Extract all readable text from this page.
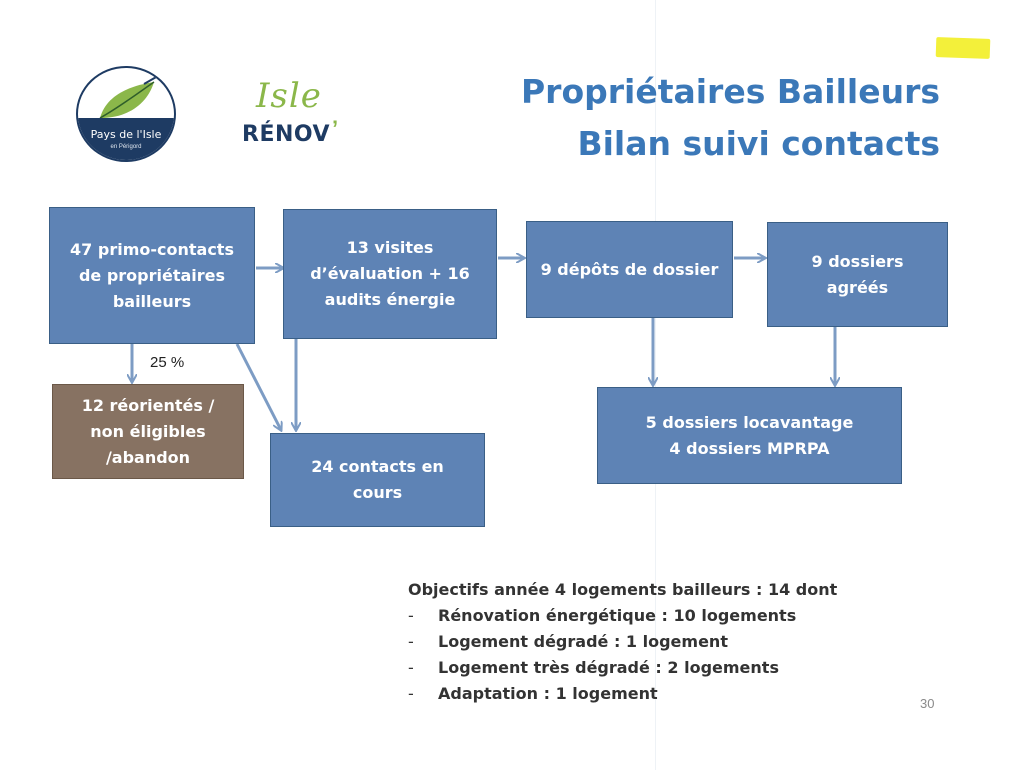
Pays de l'Isle
en Périgord
Isle
RÉNOV ’
Propriétaires Bailleurs
Bilan suivi contacts
47 primo-contacts
de propriétaires
bailleurs
13 visites
d’évaluation + 16
audits énergie
9 dépôts de dossier	9 dossiers
agréés
12 réorientés /
non éligibles
/abandon	24 contacts en
cours
5 dossiers locavantage
4 dossiers MPRPA
25 %
Objectifs année 4 logements bailleurs : 14 dont
- Rénovation énergétique : 10 logements
- Logement dégradé : 1 logement
- Logement très dégradé : 2 logements
- Adaptation : 1 logement
30
